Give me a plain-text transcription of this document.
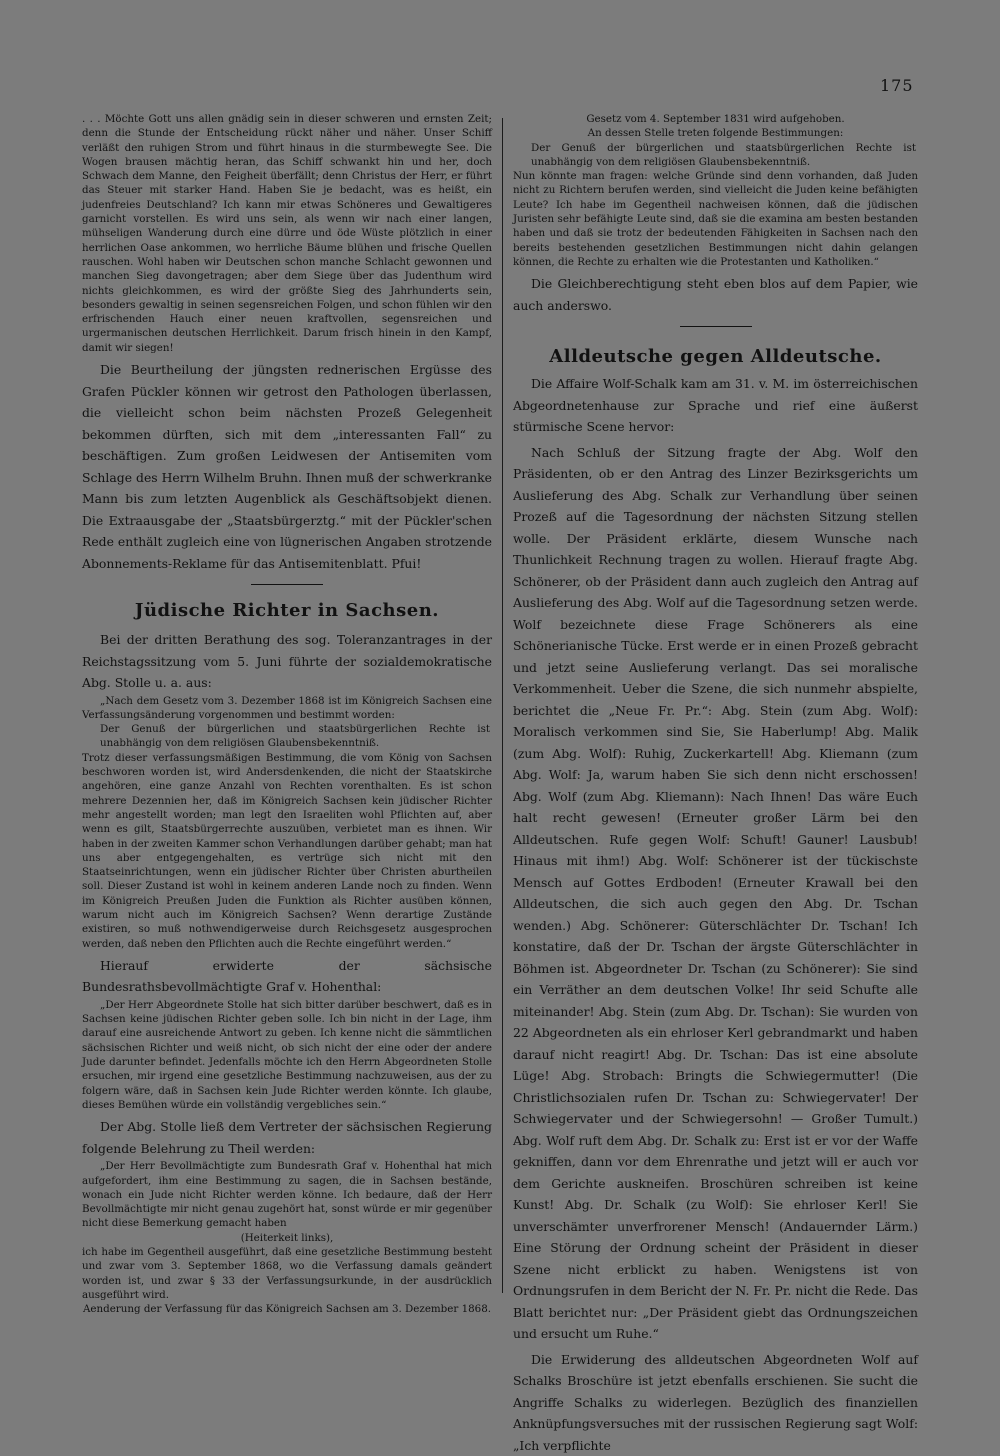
175

. . . Möchte Gott uns allen gnädig sein in dieser schweren und ernsten Zeit; denn die Stunde der Entscheidung rückt näher und näher. Unser Schiff verläßt den ruhigen Strom und führt hinaus in die sturmbewegte See. Die Wogen brausen mächtig heran, das Schiff schwankt hin und her, doch Schwach dem Manne, den Feigheit überfällt; denn Christus der Herr, er führt das Steuer mit starker Hand. Haben Sie je bedacht, was es heißt, ein judenfreies Deutschland? Ich kann mir etwas Schöneres und Gewaltigeres garnicht vorstellen. Es wird uns sein, als wenn wir nach einer langen, mühseligen Wanderung durch eine dürre und öde Wüste plötzlich in einer herrlichen Oase ankommen, wo herrliche Bäume blühen und frische Quellen rauschen. Wohl haben wir Deutschen schon manche Schlacht gewonnen und manchen Sieg davongetragen; aber dem Siege über das Judenthum wird nichts gleichkommen, es wird der größte Sieg des Jahrhunderts sein, besonders gewaltig in seinen segensreichen Folgen, und schon fühlen wir den erfrischenden Hauch einer neuen kraftvollen, segensreichen und urgermanischen deutschen Herrlichkeit. Darum frisch hinein in den Kampf, damit wir siegen!

Die Beurtheilung der jüngsten rednerischen Ergüsse des Grafen Pückler können wir getrost den Pathologen überlassen, die vielleicht schon beim nächsten Prozeß Gelegenheit bekommen dürften, sich mit dem „interessanten Fall“ zu beschäftigen. Zum großen Leidwesen der Antisemiten vom Schlage des Herrn Wilhelm Bruhn. Ihnen muß der schwerkranke Mann bis zum letzten Augenblick als Geschäftsobjekt dienen. Die Extraausgabe der „Staatsbürgerztg.“ mit der Pückler'schen Rede enthält zugleich eine von lügnerischen Angaben strotzende Abonnements-Reklame für das Antisemitenblatt. Pfui!

Jüdische Richter in Sachsen.

Bei der dritten Berathung des sog. Toleranzantrages in der Reichstagssitzung vom 5. Juni führte der sozialdemokratische Abg. Stolle u. a. aus:

„Nach dem Gesetz vom 3. Dezember 1868 ist im Königreich Sachsen eine Verfassungsänderung vorgenommen und bestimmt worden:

Der Genuß der bürgerlichen und staatsbürgerlichen Rechte ist unabhängig von dem religiösen Glaubensbekenntniß.

Trotz dieser verfassungsmäßigen Bestimmung, die vom König von Sachsen beschworen worden ist, wird Andersdenkenden, die nicht der Staatskirche angehören, eine ganze Anzahl von Rechten vorenthalten. Es ist schon mehrere Dezennien her, daß im Königreich Sachsen kein jüdischer Richter mehr angestellt worden; man legt den Israeliten wohl Pflichten auf, aber wenn es gilt, Staatsbürgerrechte auszuüben, verbietet man es ihnen. Wir haben in der zweiten Kammer schon Verhandlungen darüber gehabt; man hat uns aber entgegengehalten, es vertrüge sich nicht mit den Staatseinrichtungen, wenn ein jüdischer Richter über Christen aburtheilen soll. Dieser Zustand ist wohl in keinem anderen Lande noch zu finden. Wenn im Königreich Preußen Juden die Funktion als Richter ausüben können, warum nicht auch im Königreich Sachsen? Wenn derartige Zustände existiren, so muß nothwendigerweise durch Reichsgesetz ausgesprochen werden, daß neben den Pflichten auch die Rechte eingeführt werden.“

Hierauf erwiderte der sächsische Bundesrathsbevollmächtigte Graf v. Hohenthal:

„Der Herr Abgeordnete Stolle hat sich bitter darüber beschwert, daß es in Sachsen keine jüdischen Richter geben solle. Ich bin nicht in der Lage, ihm darauf eine ausreichende Antwort zu geben. Ich kenne nicht die sämmtlichen sächsischen Richter und weiß nicht, ob sich nicht der eine oder der andere Jude darunter befindet. Jedenfalls möchte ich den Herrn Abgeordneten Stolle ersuchen, mir irgend eine gesetzliche Bestimmung nachzuweisen, aus der zu folgern wäre, daß in Sachsen kein Jude Richter werden könnte. Ich glaube, dieses Bemühen würde ein vollständig vergebliches sein.“

Der Abg. Stolle ließ dem Vertreter der sächsischen Regierung folgende Belehrung zu Theil werden:

„Der Herr Bevollmächtigte zum Bundesrath Graf v. Hohenthal hat mich aufgefordert, ihm eine Bestimmung zu sagen, die in Sachsen bestände, wonach ein Jude nicht Richter werden könne. Ich bedaure, daß der Herr Bevollmächtigte mir nicht genau zugehört hat, sonst würde er mir gegenüber nicht diese Bemerkung gemacht haben

(Heiterkeit links),

ich habe im Gegentheil ausgeführt, daß eine gesetzliche Bestimmung besteht und zwar vom 3. September 1868, wo die Verfassung damals geändert worden ist, und zwar § 33 der Verfassungsurkunde, in der ausdrücklich ausgeführt wird.

Aenderung der Verfassung für das Königreich Sachsen am 3. Dezember 1868.

Gesetz vom 4. September 1831 wird aufgehoben.

An dessen Stelle treten folgende Bestimmungen:

Der Genuß der bürgerlichen und staatsbürgerlichen Rechte ist unabhängig von dem religiösen Glaubensbekenntniß.

Nun könnte man fragen: welche Gründe sind denn vorhanden, daß Juden nicht zu Richtern berufen werden, sind vielleicht die Juden keine befähigten Leute? Ich habe im Gegentheil nachweisen können, daß die jüdischen Juristen sehr befähigte Leute sind, daß sie die examina am besten bestanden haben und daß sie trotz der bedeutenden Fähigkeiten in Sachsen nach den bereits bestehenden gesetzlichen Bestimmungen nicht dahin gelangen können, die Rechte zu erhalten wie die Protestanten und Katholiken.“

Die Gleichberechtigung steht eben blos auf dem Papier, wie auch anderswo.

Alldeutsche gegen Alldeutsche.

Die Affaire Wolf-Schalk kam am 31. v. M. im österreichischen Abgeordnetenhause zur Sprache und rief eine äußerst stürmische Scene hervor:

Nach Schluß der Sitzung fragte der Abg. Wolf den Präsidenten, ob er den Antrag des Linzer Bezirksgerichts um Auslieferung des Abg. Schalk zur Verhandlung über seinen Prozeß auf die Tagesordnung der nächsten Sitzung stellen wolle. Der Präsident erklärte, diesem Wunsche nach Thunlichkeit Rechnung tragen zu wollen. Hierauf fragte Abg. Schönerer, ob der Präsident dann auch zugleich den Antrag auf Auslieferung des Abg. Wolf auf die Tagesordnung setzen werde. Wolf bezeichnete diese Frage Schönerers als eine Schönerianische Tücke. Erst werde er in einen Prozeß gebracht und jetzt seine Auslieferung verlangt. Das sei moralische Verkommenheit. Ueber die Szene, die sich nunmehr abspielte, berichtet die „Neue Fr. Pr.“: Abg. Stein (zum Abg. Wolf): Moralisch verkommen sind Sie, Sie Haberlump! Abg. Malik (zum Abg. Wolf): Ruhig, Zuckerkartell! Abg. Kliemann (zum Abg. Wolf: Ja, warum haben Sie sich denn nicht erschossen! Abg. Wolf (zum Abg. Kliemann): Nach Ihnen! Das wäre Euch halt recht gewesen! (Erneuter großer Lärm bei den Alldeutschen. Rufe gegen Wolf: Schuft! Gauner! Lausbub! Hinaus mit ihm!) Abg. Wolf: Schönerer ist der tückischste Mensch auf Gottes Erdboden! (Erneuter Krawall bei den Alldeutschen, die sich auch gegen den Abg. Dr. Tschan wenden.) Abg. Schönerer: Güterschlächter Dr. Tschan! Ich konstatire, daß der Dr. Tschan der ärgste Güterschlächter in Böhmen ist. Abgeordneter Dr. Tschan (zu Schönerer): Sie sind ein Verräther an dem deutschen Volke! Ihr seid Schufte alle miteinander! Abg. Stein (zum Abg. Dr. Tschan): Sie wurden von 22 Abgeordneten als ein ehrloser Kerl gebrandmarkt und haben darauf nicht reagirt! Abg. Dr. Tschan: Das ist eine absolute Lüge! Abg. Strobach: Bringts die Schwiegermutter! (Die Christlichsozialen rufen Dr. Tschan zu: Schwiegervater! Der Schwiegervater und der Schwiegersohn! — Großer Tumult.) Abg. Wolf ruft dem Abg. Dr. Schalk zu: Erst ist er vor der Waffe gekniffen, dann vor dem Ehrenrathe und jetzt will er auch vor dem Gerichte auskneifen. Broschüren schreiben ist keine Kunst! Abg. Dr. Schalk (zu Wolf): Sie ehrloser Kerl! Sie unverschämter unverfrorener Mensch! (Andauernder Lärm.) Eine Störung der Ordnung scheint der Präsident in dieser Szene nicht erblickt zu haben. Wenigstens ist von Ordnungsrufen in dem Bericht der N. Fr. Pr. nicht die Rede. Das Blatt berichtet nur: „Der Präsident giebt das Ordnungszeichen und ersucht um Ruhe.“

Die Erwiderung des alldeutschen Abgeordneten Wolf auf Schalks Broschüre ist jetzt ebenfalls erschienen. Sie sucht die Angriffe Schalks zu widerlegen. Bezüglich des finanziellen Anknüpfungsversuches mit der russischen Regierung sagt Wolf: „Ich verpflichte
